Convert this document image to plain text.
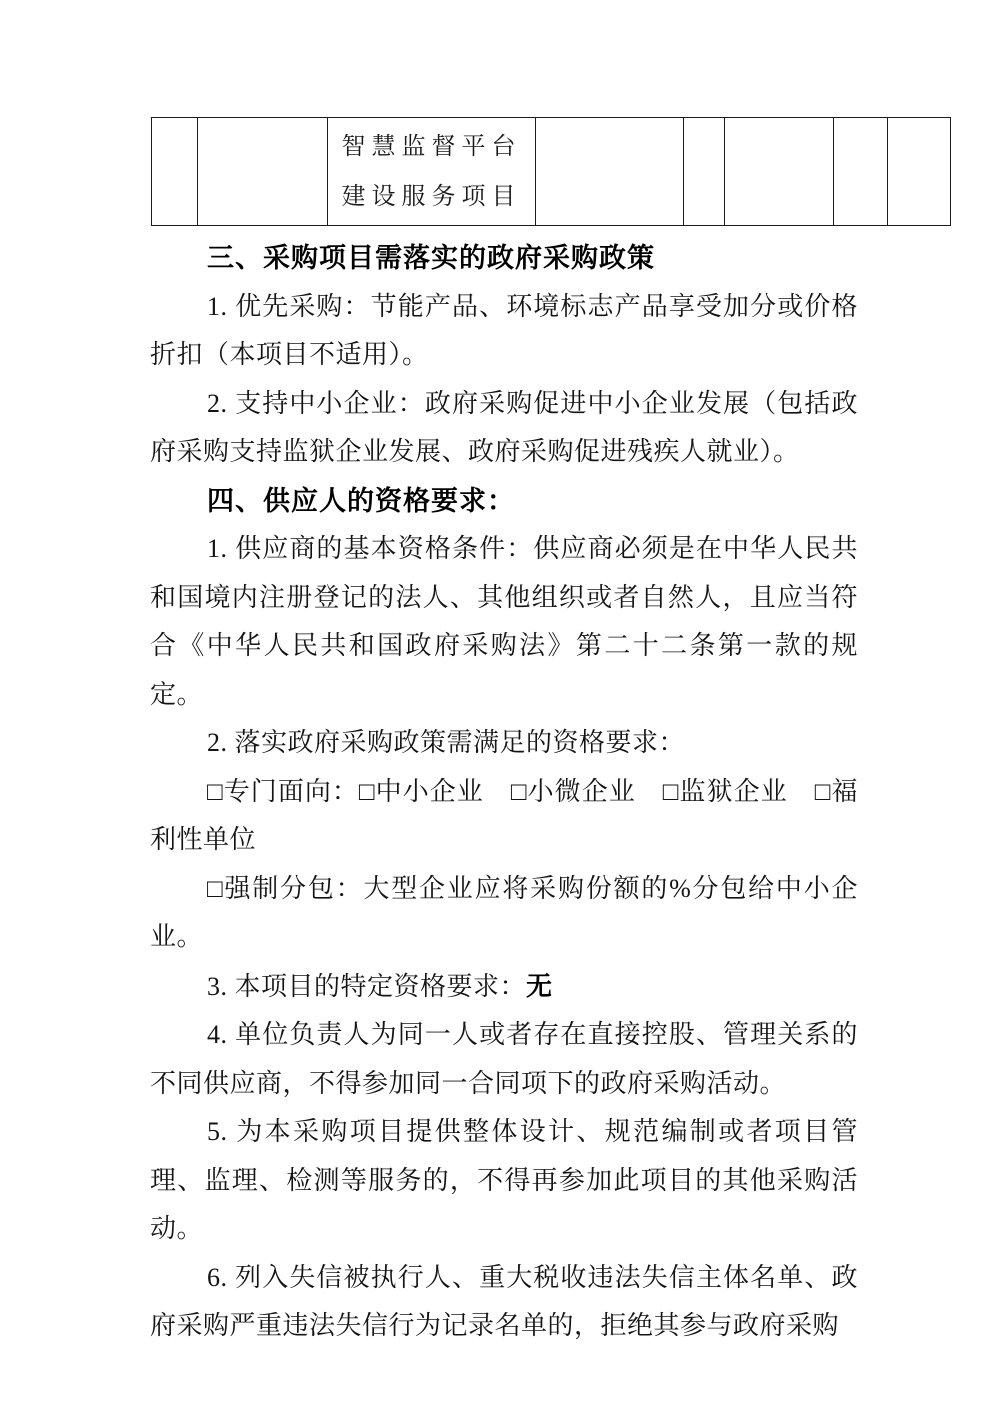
智慧监督平台
建设服务项目

三、采购项目需落实的政府采购政策

1. 优先采购：节能产品、环境标志产品享受加分或价格折扣（本项目不适用）。

2. 支持中小企业：政府采购促进中小企业发展（包括政府采购支持监狱企业发展、政府采购促进残疾人就业）。

四、供应人的资格要求：

1. 供应商的基本资格条件：供应商必须是在中华人民共和国境内注册登记的法人、其他组织或者自然人，且应当符合《中华人民共和国政府采购法》第二十二条第一款的规定。

2. 落实政府采购政策需满足的资格要求：

□专门面向：□中小企业　□小微企业　□监狱企业　□福利性单位

□强制分包：大型企业应将采购份额的%分包给中小企业。

3. 本项目的特定资格要求：无

4. 单位负责人为同一人或者存在直接控股、管理关系的不同供应商，不得参加同一合同项下的政府采购活动。

5. 为本采购项目提供整体设计、规范编制或者项目管理、监理、检测等服务的，不得再参加此项目的其他采购活动。

6. 列入失信被执行人、重大税收违法失信主体名单、政府采购严重违法失信行为记录名单的，拒绝其参与政府采购
